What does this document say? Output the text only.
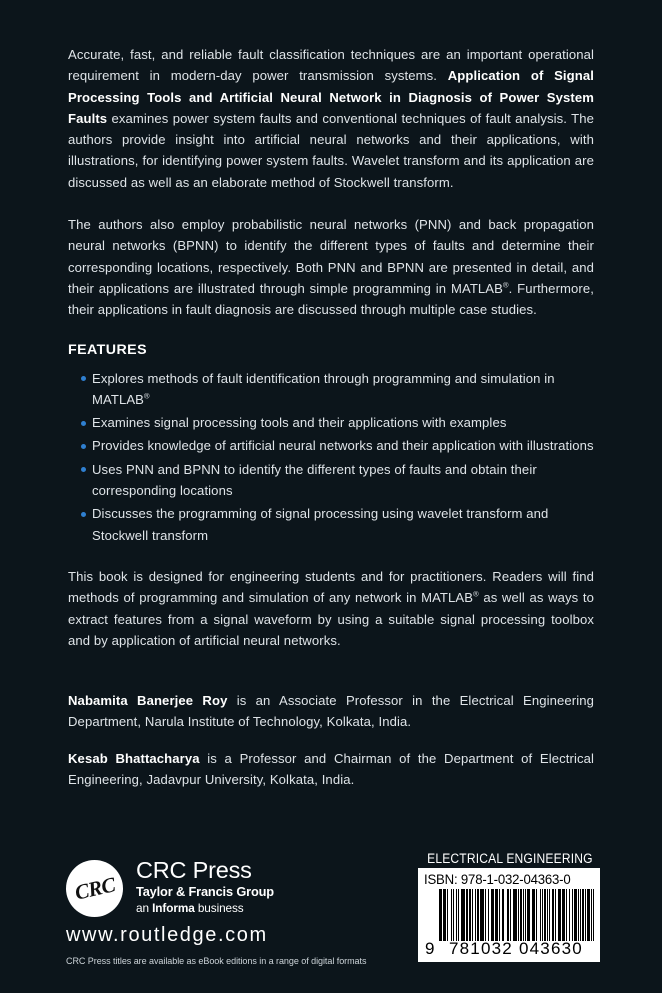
Accurate, fast, and reliable fault classification techniques are an important operational requirement in modern-day power transmission systems. Application of Signal Processing Tools and Artificial Neural Network in Diagnosis of Power System Faults examines power system faults and conventional techniques of fault analysis. The authors provide insight into artificial neural networks and their applications, with illustrations, for identifying power system faults. Wavelet transform and its application are discussed as well as an elaborate method of Stockwell transform.

The authors also employ probabilistic neural networks (PNN) and back propagation neural networks (BPNN) to identify the different types of faults and determine their corresponding locations, respectively. Both PNN and BPNN are presented in detail, and their applications are illustrated through simple programming in MATLAB®. Furthermore, their applications in fault diagnosis are discussed through multiple case studies.

FEATURES
Explores methods of fault identification through programming and simulation in MATLAB®
Examines signal processing tools and their applications with examples
Provides knowledge of artificial neural networks and their application with illustrations
Uses PNN and BPNN to identify the different types of faults and obtain their corresponding locations
Discusses the programming of signal processing using wavelet transform and Stockwell transform

This book is designed for engineering students and for practitioners. Readers will find methods of programming and simulation of any network in MATLAB® as well as ways to extract features from a signal waveform by using a suitable signal processing toolbox and by application of artificial neural networks.

Nabamita Banerjee Roy is an Associate Professor in the Electrical Engineering Department, Narula Institute of Technology, Kolkata, India.

Kesab Bhattacharya is a Professor and Chairman of the Department of Electrical Engineering, Jadavpur University, Kolkata, India.

CRC
CRC Press
Taylor & Francis Group
an Informa business
www.routledge.com
CRC Press titles are available as eBook editions in a range of digital formats
ELECTRICAL ENGINEERING
ISBN: 978-1-032-04363-0
9 781032 043630
